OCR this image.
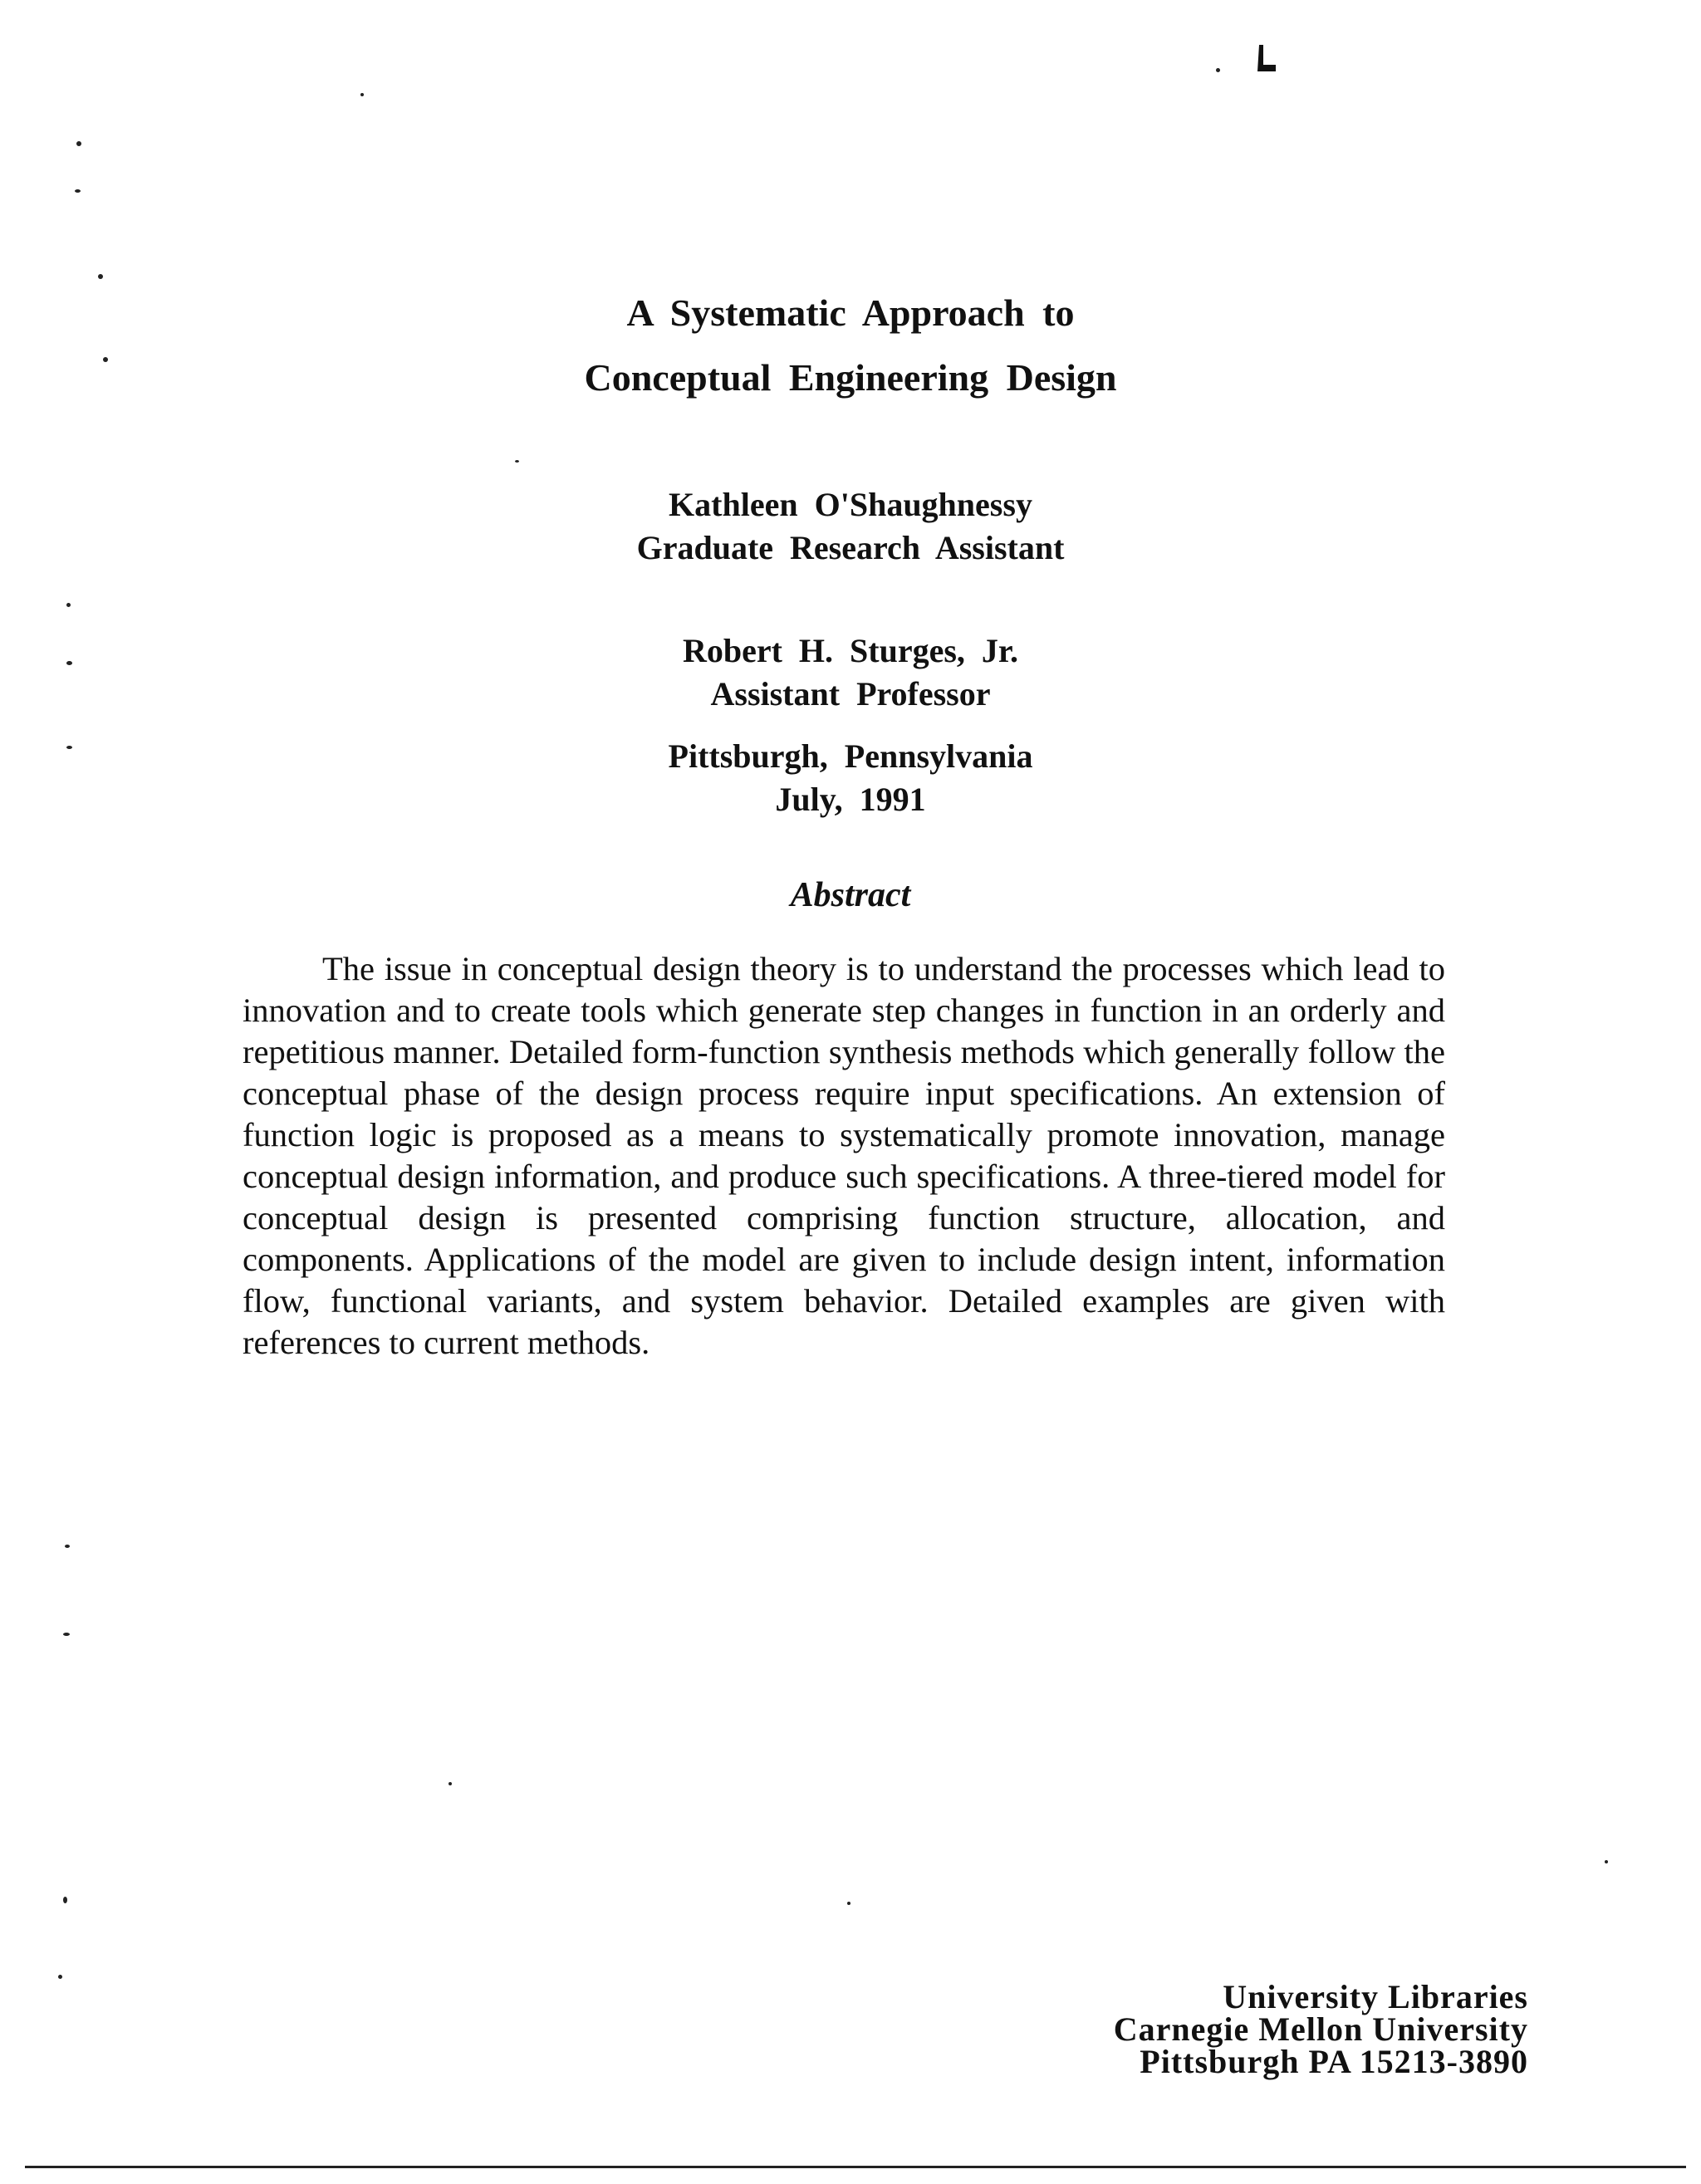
A Systematic Approach to
Conceptual Engineering Design
Kathleen O'Shaughnessy
Graduate Research Assistant
Robert H. Sturges, Jr.
Assistant Professor
Pittsburgh, Pennsylvania
July, 1991
Abstract
The issue in conceptual design theory is to understand the processes which lead to innovation and to create tools which generate step changes in function in an orderly and repetitious manner. Detailed form-function synthesis methods which generally follow the conceptual phase of the design process require input specifications. An extension of function logic is proposed as a means to systematically promote innovation, manage conceptual design information, and produce such specifications. A three-tiered model for conceptual design is presented comprising function structure, allocation, and components. Applications of the model are given to include design intent, information flow, functional variants, and system behavior. Detailed examples are given with references to current methods.
University Libraries
Carnegie Mellon University
Pittsburgh PA 15213-3890
